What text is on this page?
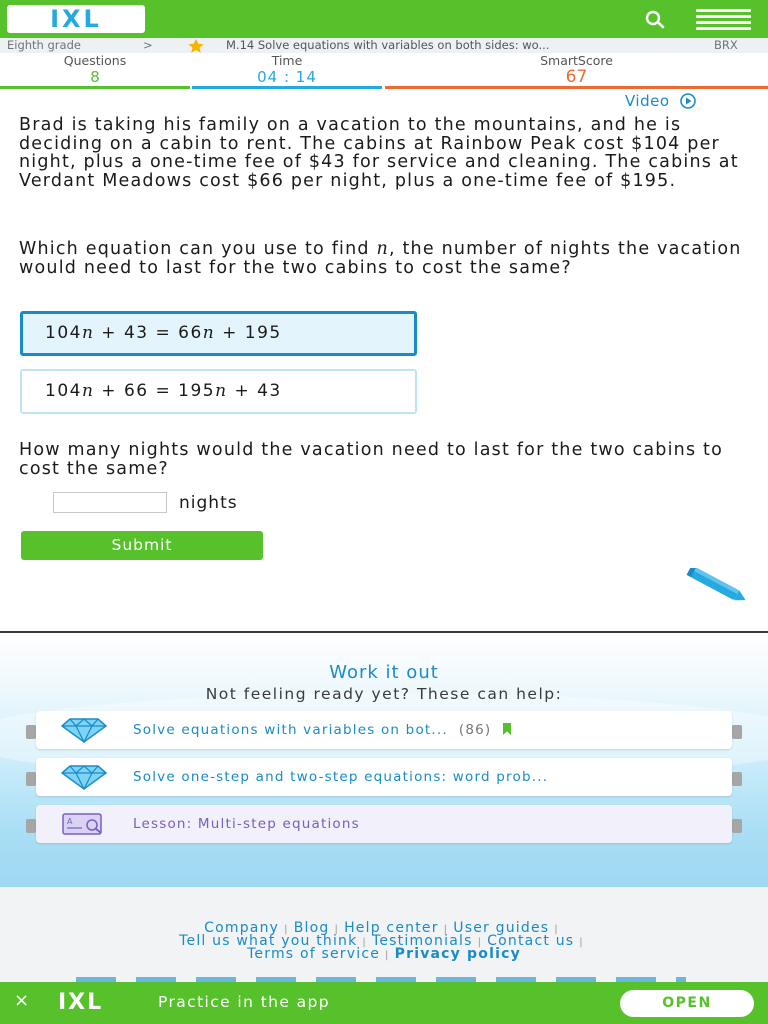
IXL
Eighth grade	>	M.14 Solve equations with variables on both sides: wo...	BRX
Questions
8
Time
04 : 14
SmartScore
67
Video
Brad is taking his family on a vacation to the mountains, and he is deciding on a cabin to rent. The cabins at Rainbow Peak cost $104 per night, plus a one-time fee of $43 for service and cleaning. The cabins at Verdant Meadows cost $66 per night, plus a one-time fee of $195.
Which equation can you use to find n, the number of nights the vacation would need to last for the two cabins to cost the same?
104n + 43 = 66n + 195
104n + 66 = 195n + 43
How many nights would the vacation need to last for the two cabins to cost the same?
nights
Submit
Work it out
Not feeling ready yet? These can help:
Solve equations with variables on bot... (86)
Solve one-step and two-step equations: word prob...
A	Lesson: Multi-step equations
Company | Blog | Help center | User guides |
Tell us what you think | Testimonials | Contact us |
Terms of service | Privacy policy
× IXL	Practice in the app	OPEN
